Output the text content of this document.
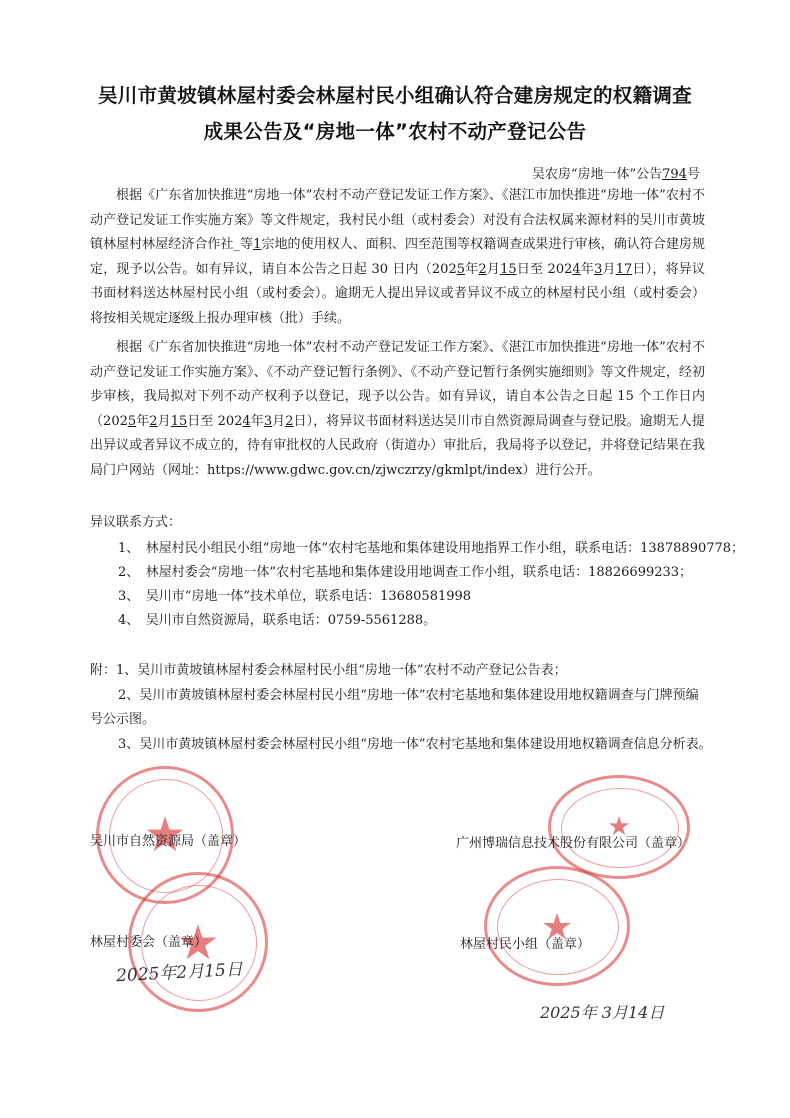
吴川市黄坡镇林屋村委会林屋村民小组确认符合建房规定的权籍调查
成果公告及“房地一体”农村不动产登记公告
吴农房“房地一体”公告794号
根据《广东省加快推进“房地一体”农村不动产登记发证工作方案》、《湛江市加快推进“房地一体”农村不动产登记发证工作实施方案》等文件规定，我村民小组（或村委会）对没有合法权属来源材料的吴川市黄坡镇林屋村林屋经济合作社_等1宗地的使用权人、面积、四至范围等权籍调查成果进行审核，确认符合建房规定，现予以公告。如有异议，请自本公告之日起 30 日内（2025年2月15日至 2024年3月17日），将异议书面材料送达林屋村民小组（或村委会）。逾期无人提出异议或者异议不成立的林屋村民小组（或村委会）将按相关规定逐级上报办理审核（批）手续。
根据《广东省加快推进“房地一体”农村不动产登记发证工作方案》、《湛江市加快推进“房地一体”农村不动产登记发证工作实施方案》、《不动产登记暂行条例》、《不动产登记暂行条例实施细则》等文件规定，经初步审核，我局拟对下列不动产权利予以登记，现予以公告。如有异议，请自本公告之日起 15 个工作日内（2025年2月15日至 2024年3月2日），将异议书面材料送达吴川市自然资源局调查与登记股。逾期无人提出异议或者异议不成立的，待有审批权的人民政府（街道办）审批后，我局将予以登记，并将登记结果在我局门户网站（网址：https://www.gdwc.gov.cn/zjwczrzy/gkmlpt/index）进行公开。
异议联系方式：
1、　林屋村民小组民小组“房地一体”农村宅基地和集体建设用地指界工作小组，联系电话：13878890778；
2、　林屋村委会“房地一体”农村宅基地和集体建设用地调查工作小组，联系电话：18826699233；
3、　吴川市“房地一体”技术单位，联系电话：13680581998
4、　吴川市自然资源局，联系电话：0759-5561288。
附：1、吴川市黄坡镇林屋村委会林屋村民小组“房地一体”农村不动产登记公告表；
2、吴川市黄坡镇林屋村委会林屋村民小组“房地一体”农村宅基地和集体建设用地权籍调查与门牌预编
号公示图。
3、吴川市黄坡镇林屋村委会林屋村民小组“房地一体”农村宅基地和集体建设用地权籍调查信息分析表。
★	★
★	★
吴川市自然资源局（盖章）	广州博瑞信息技术股份有限公司（盖章）
林屋村委会（盖章）	林屋村民小组（盖章）
2025年2月15日
2025年 3月14日
